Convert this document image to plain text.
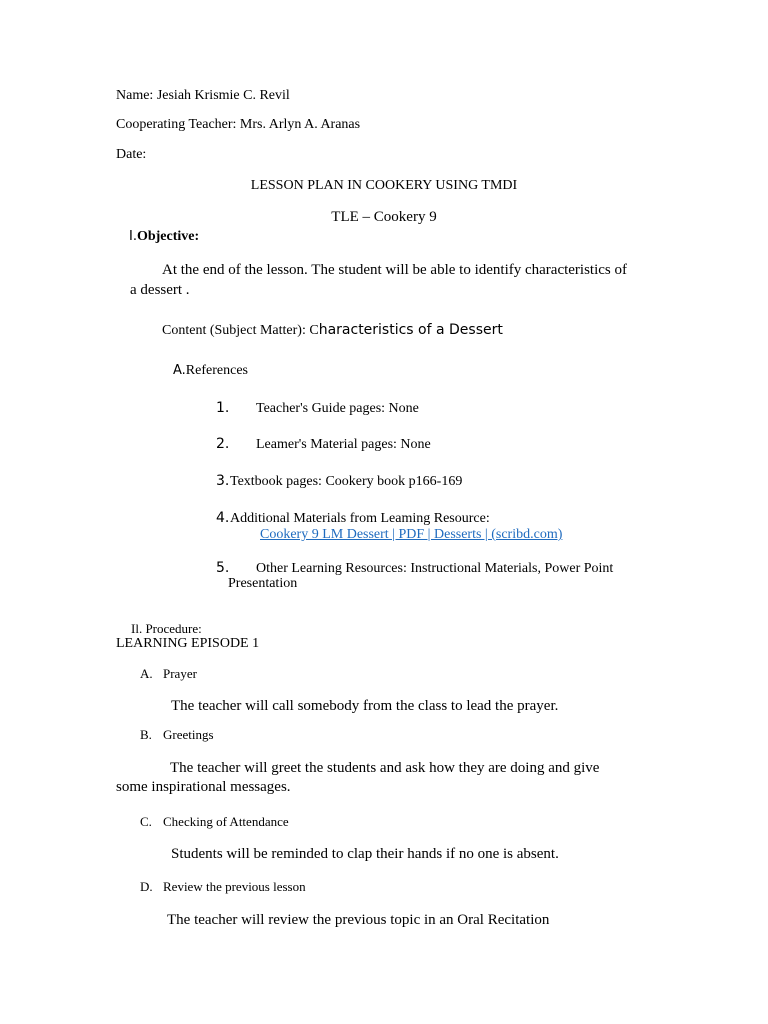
Name: Jesiah Krismie C. Revil
Cooperating Teacher: Mrs. Arlyn A. Aranas
Date:
LESSON PLAN IN COOKERY USING TMDI
TLE – Cookery 9
I.Objective:
At the end of the lesson. The student will be able to identify characteristics of
a dessert .
Content (Subject Matter): Characteristics of a Dessert
A.References
1. Teacher's Guide pages: None
2. Leamer's Material pages: None
3.Textbook pages: Cookery book p166-169
4.Additional Materials from Leaming Resource:
Cookery 9 LM Dessert | PDF | Desserts | (scribd.com)
5. Other Learning Resources: Instructional Materials, Power Point
Presentation
Il. Procedure:
LEARNING EPISODE 1
A. Prayer
The teacher will call somebody from the class to lead the prayer.
B. Greetings
The teacher will greet the students and ask how they are doing and give
some inspirational messages.
C. Checking of Attendance
Students will be reminded to clap their hands if no one is absent.
D. Review the previous lesson
The teacher will review the previous topic in an Oral Recitation
